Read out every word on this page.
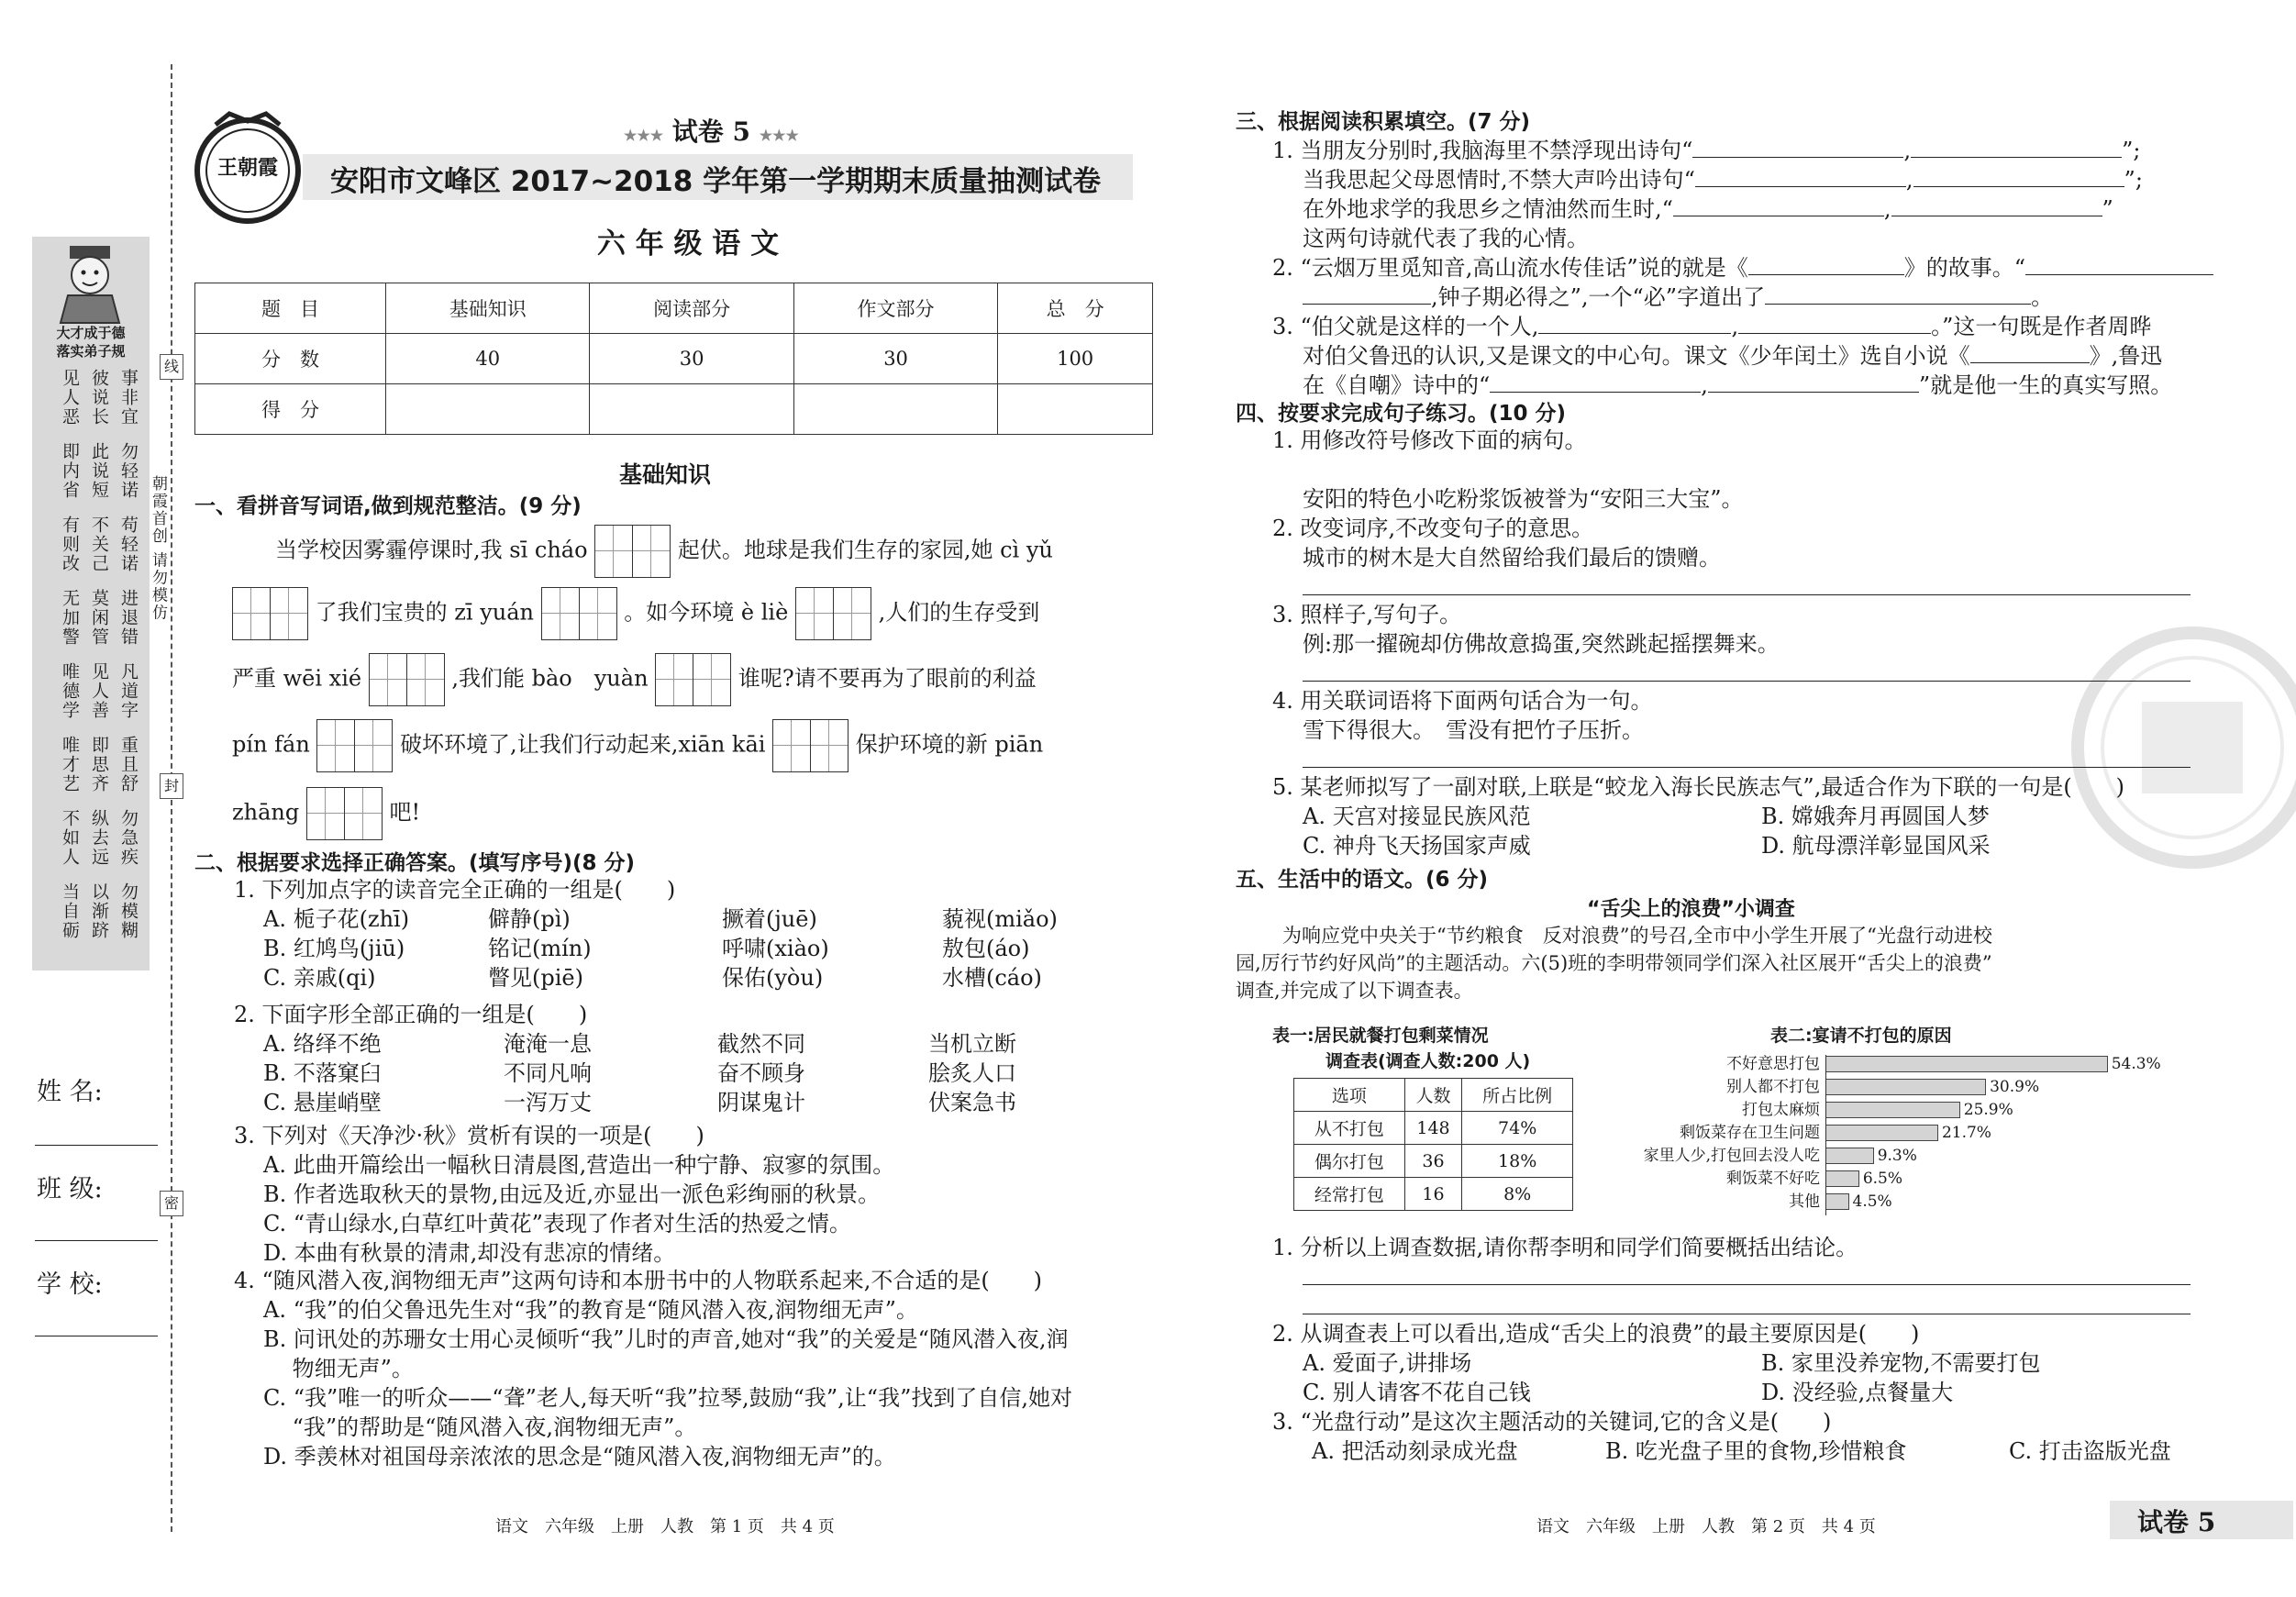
大才成于德
落实弟子规
见人恶 彼说长 事非宜
即内省 此说短 勿轻诺
有则改 不关己 苟轻诺
无加警 莫闲管 进退错
唯德学 见人善 凡道字
唯才艺 即思齐 重且舒
不如人 纵去远 勿急疾
当自砺 以渐跻 勿模糊
朝霞首创 请勿模仿
姓 名:
班 级:
学 校:
线
封
密
王朝霞
★★★ 试卷 5 ★★★
安阳市文峰区 2017~2018 学年第一学期期末质量抽测试卷
六 年 级 语 文
题　目	基础知识	阅读部分	作文部分	总　分
分　数	40	30	30	100
得　分				
基础知识
一、看拼音写词语,做到规范整洁。(9 分)
当学校因雾霾停课时,我 sī cháo	起伏。地球是我们生存的家园,她 cì yǔ
了我们宝贵的 zī yuán	。如今环境 è liè	,人们的生存受到
严重 wēi xié	,我们能 bào　yuàn	谁呢?请不要再为了眼前的利益
pín fán	破坏环境了,让我们行动起来,xiān kāi	保护环境的新 piān
zhāng	吧!
二、根据要求选择正确答案。(填写序号)(8 分)
1. 下列加点字的读音完全正确的一组是(　　)
A. 栀子花(zhī)	僻静(pì)	撅着(juē)	藐视(miǎo)
B. 红鸠鸟(jiū)	铭记(mín)	呼啸(xiào)	敖包(áo)
C. 亲戚(qi)	瞥见(piē)	保佑(yòu)	水槽(cáo)
2. 下面字形全部正确的一组是(　　)
A. 络绎不绝	淹淹一息	截然不同	当机立断
B. 不落窠臼	不同凡响	奋不顾身	脍炙人口
C. 悬崖峭壁	一泻万丈	阴谋鬼计	伏案急书
3. 下列对《天净沙·秋》赏析有误的一项是(　　)
A. 此曲开篇绘出一幅秋日清晨图,营造出一种宁静、寂寥的氛围。
B. 作者选取秋天的景物,由远及近,亦显出一派色彩绚丽的秋景。
C. “青山绿水,白草红叶黄花”表现了作者对生活的热爱之情。
D. 本曲有秋景的清肃,却没有悲凉的情绪。
4. “随风潜入夜,润物细无声”这两句诗和本册书中的人物联系起来,不合适的是(　　)
A. “我”的伯父鲁迅先生对“我”的教育是“随风潜入夜,润物细无声”。
B. 问讯处的苏珊女士用心灵倾听“我”儿时的声音,她对“我”的关爱是“随风潜入夜,润
　 物细无声”。
C. “我”唯一的听众——“聋”老人,每天听“我”拉琴,鼓励“我”,让“我”找到了自信,她对
　 “我”的帮助是“随风潜入夜,润物细无声”。
D. 季羡林对祖国母亲浓浓的思念是“随风潜入夜,润物细无声”的。
语文　六年级　上册　人教　第 1 页　共 4 页
三、根据阅读积累填空。(7 分)
1. 当朋友分别时,我脑海里不禁浮现出诗句“	,	”;
当我思起父母恩情时,不禁大声吟出诗句“	,	”;
在外地求学的我思乡之情油然而生时,“	,	”
这两句诗就代表了我的心情。
2. “云烟万里觅知音,高山流水传佳话”说的就是《	》的故事。“
,钟子期必得之”,一个“必”字道出了	。
3. “伯父就是这样的一个人,	,	。”这一句既是作者周晔
对伯父鲁迅的认识,又是课文的中心句。课文《少年闰土》选自小说《	》,鲁迅
在《自嘲》诗中的“	,	”就是他一生的真实写照。
四、按要求完成句子练习。(10 分)
1. 用修改符号修改下面的病句。
安阳的特色小吃粉浆饭被誉为“安阳三大宝”。
2. 改变词序,不改变句子的意思。
城市的树木是大自然留给我们最后的馈赠。
3. 照样子,写句子。
例:那一擢碗却仿佛故意捣蛋,突然跳起摇摆舞来。
4. 用关联词语将下面两句话合为一句。
雪下得很大。　雪没有把竹子压折。
5. 某老师拟写了一副对联,上联是“蛟龙入海长民族志气”,最适合作为下联的一句是(　　)
A. 天宫对接显民族风范	B. 嫦娥奔月再圆国人梦
C. 神舟飞天扬国家声威	D. 航母漂洋彰显国风采
五、生活中的语文。(6 分)
“舌尖上的浪费”小调查
为响应党中央关于“节约粮食　反对浪费”的号召,全市中小学生开展了“光盘行动进校
园,厉行节约好风尚”的主题活动。六(5)班的李明带领同学们深入社区展开“舌尖上的浪费”
调查,并完成了以下调查表。
表一:居民就餐打包剩菜情况
调查表(调查人数:200 人)
选项	人数	所占比例
从不打包	148	74%
偶尔打包	36	18%
经常打包	16	8%
表二:宴请不打包的原因
不好意思打包	54.3%
别人都不打包	30.9%
打包太麻烦	25.9%
剩饭菜存在卫生问题	21.7%
家里人少,打包回去没人吃	9.3%
剩饭菜不好吃	6.5%
其他 4.5%
1. 分析以上调查数据,请你帮李明和同学们简要概括出结论。
2. 从调查表上可以看出,造成“舌尖上的浪费”的最主要原因是(　　)
A. 爱面子,讲排场	B. 家里没养宠物,不需要打包
C. 别人请客不花自己钱	D. 没经验,点餐量大
3. “光盘行动”是这次主题活动的关键词,它的含义是(　　)
A. 把活动刻录成光盘	B. 吃光盘子里的食物,珍惜粮食	C. 打击盗版光盘
语文　六年级　上册　人教　第 2 页　共 4 页	试卷 5
